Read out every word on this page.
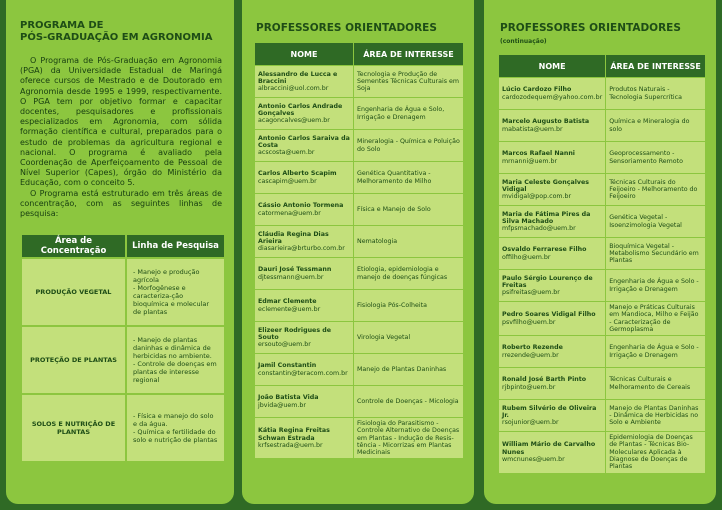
PROGRAMA DE
PÓS-GRADUAÇÃO EM AGRONOMIA

O Programa de Pós-Graduação em Agronomia (PGA) da Universidade Estadual de Maringá oferece cursos de Mestrado e de Doutorado em Agronomia desde 1995 e 1999, respectivamente. O PGA tem por objetivo formar e capacitar docentes, pesquisadores e profissionais especializados em Agronomia, com sólida formação científica e cultural, preparados para o estudo de problemas da agricultura regional e nacional. O programa é avaliado pela Coordenação de Aperfeiçoamento de Pessoal de Nível Superior (Capes), órgão do Ministério da Educação, com o conceito 5.

O Programa está estruturado em três áreas de concentração, com as seguintes linhas de pesquisa:

Área de Concentração	Linha de Pesquisa
PRODUÇÃO VEGETAL	- Manejo e produção agrícola
- Morfogênese e caracteriza-ção bioquímica e molecular de plantas

PROTEÇÃO DE PLANTAS	- Manejo de plantas daninhas e dinâmica de herbicidas no ambiente.
- Controle de doenças em plantas de interesse regional

SOLOS E NUTRIÇÃO DE PLANTAS	- Física e manejo do solo e da água.
- Química e fertilidade do solo e nutrição de plantas
PROFESSORES ORIENTADORES
NOME	ÁREA DE INTERESSE

Alessandro de Lucca e Braccini
albraccini@uol.com.br	Tecnologia e Produção de Sementes Técnicas Culturais em Soja

Antonio Carlos Andrade Gonçalves
acagoncalves@uem.br	Engenharia de Água e Solo, Irrigação e Drenagem

Antonio Carlos Saraiva da Costa
acscosta@uem.br	Mineralogia - Química e Poluição do Solo

Carlos Alberto Scapim
cascapim@uem.br	Genética Quantitativa - Melhoramento de Milho

Cássio Antonio Tormena
catormena@uem.br	Física e Manejo de Solo

Cláudia Regina Dias Arieira
diasarieira@brturbo.com.br	Nematologia

Dauri José Tessmann
djtessmann@uem.br	Etiologia, epidemiologia e manejo de doenças fúngicas

Edmar Clemente
eclemente@uem.br	Fisiologia Pós-Colheita

Elizeer Rodrigues de Souto
ersouto@uem.br	Virologia Vegetal

Jamil Constantin
constantin@teracom.com.br	Manejo de Plantas Daninhas

João Batista Vida
jbvida@uem.br	Controle de Doenças - Micologia

Kátia Regina Freitas Schwan Estrada
krfsestrada@uem.br	Fisiologia do Parasitismo - Controle Alternativo de Doenças em Plantas - Indução de Resis-tência - Micorrizas em Plantas Medicinais
PROFESSORES ORIENTADORES (continuação)
NOME	ÁREA DE INTERESSE

Lúcio Cardozo Filho
cardozodequem@yahoo.com.br	Produtos Naturais - Tecnologia Supercrítica

Marcelo Augusto Batista
mabatista@uem.br	Química e Mineralogia do solo

Marcos Rafael Nanni
mrnanni@uem.br	Geoprocessamento - Sensoriamento Remoto

Maria Celeste Gonçalves Vidigal
mvidigal@pop.com.br	Técnicas Culturais do Feijoeiro - Melhoramento do Feijoeiro

Maria de Fátima Pires da Silva Machado
mfpsmachado@uem.br	Genética Vegetal - Isoenzimologia Vegetal

Osvaldo Ferrarese Filho
offilho@uem.br	Bioquímica Vegetal - Metabolismo Secundário em Plantas

Paulo Sérgio Lourenço de Freitas
psifreitas@uem.br	Engenharia de Água e Solo - Irrigação e Drenagem

Pedro Soares Vidigal Filho
psvfilho@uem.br	Manejo e Práticas Culturais em Mandioca, Milho e Feijão - Caracterização de Germoplasma

Roberto Rezende
rrezende@uem.br	Engenharia de Água e Solo - Irrigação e Drenagem

Ronald José Barth Pinto
rjbpinto@uem.br	Técnicas Culturais e Melhoramento de Cereais

Rubem Silvério de Oliveira Jr.
rsojunior@uem.br	Manejo de Plantas Daninhas - Dinâmica de Herbicidas no Solo e Ambiente

William Mário de Carvalho Nunes
wmcnunes@uem.br	Epidemiologia de Doenças de Plantas - Técnicas Bio-Moleculares Aplicada à Diagnose de Doenças de Plantas
